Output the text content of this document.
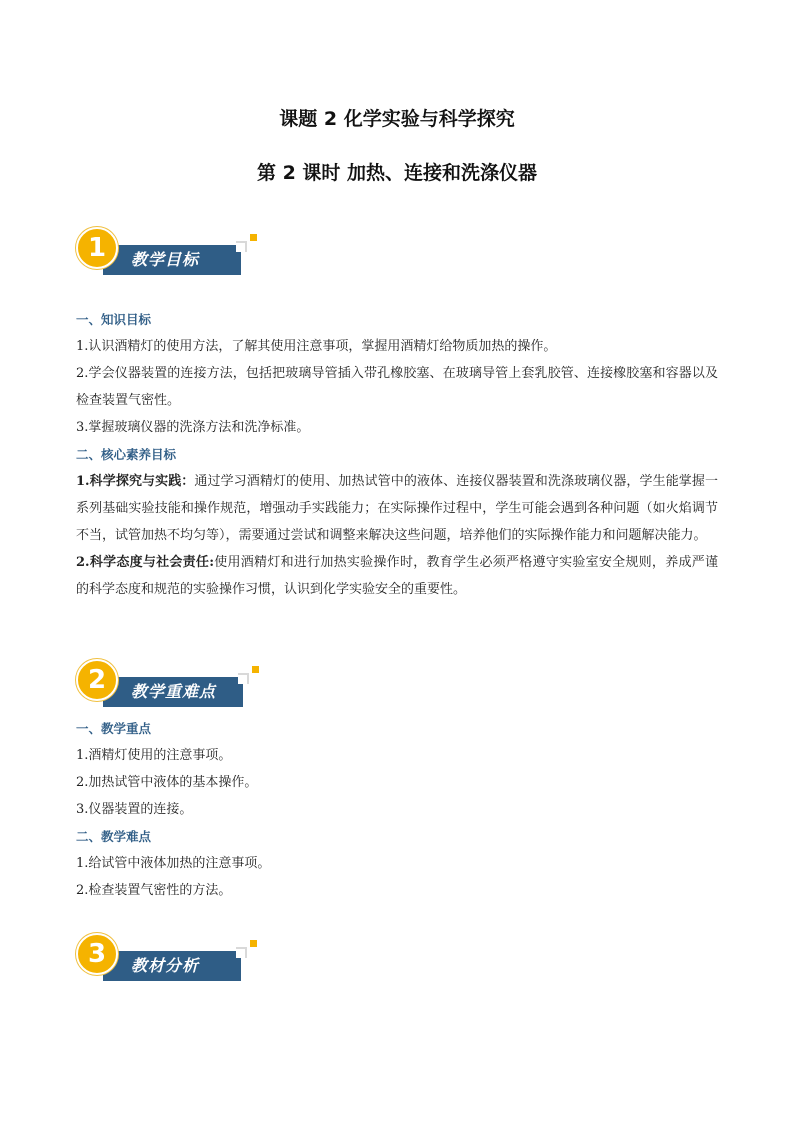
课题 2 化学实验与科学探究
第 2 课时 加热、连接和洗涤仪器
教学目标
1
一、知识目标

1.认识酒精灯的使用方法，了解其使用注意事项，掌握用酒精灯给物质加热的操作。

2.学会仪器装置的连接方法，包括把玻璃导管插入带孔橡胶塞、在玻璃导管上套乳胶管、连接橡胶塞和容器以及检查装置气密性。

3.掌握玻璃仪器的洗涤方法和洗净标准。

二、核心素养目标

1.科学探究与实践：通过学习酒精灯的使用、加热试管中的液体、连接仪器装置和洗涤玻璃仪器，学生能掌握一系列基础实验技能和操作规范，增强动手实践能力；在实际操作过程中，学生可能会遇到各种问题（如火焰调节不当，试管加热不均匀等），需要通过尝试和调整来解决这些问题，培养他们的实际操作能力和问题解决能力。

2.科学态度与社会责任:使用酒精灯和进行加热实验操作时，教育学生必须严格遵守实验室安全规则，养成严谨的科学态度和规范的实验操作习惯，认识到化学实验安全的重要性。

教学重难点
2
一、教学重点

1.酒精灯使用的注意事项。

2.加热试管中液体的基本操作。

3.仪器装置的连接。

二、教学难点

1.给试管中液体加热的注意事项。

2.检查装置气密性的方法。

教材分析
3
